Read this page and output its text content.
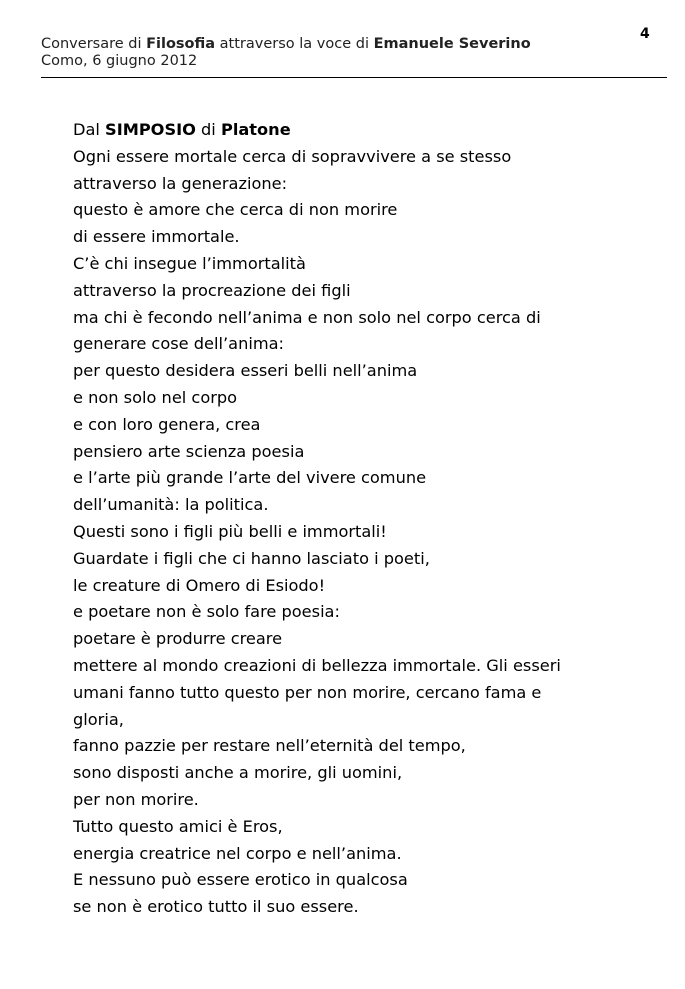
Conversare di Filosofia attraverso la voce di Emanuele Severino
Como, 6 giugno 2012
4
Dal SIMPOSIO di Platone
Ogni essere mortale cerca di sopravvivere a se stesso
attraverso la generazione:
questo è amore che cerca di non morire
di essere immortale.
C’è chi insegue l’immortalità
attraverso la procreazione dei figli
ma chi è fecondo nell’anima e non solo nel corpo cerca di
generare cose dell’anima:
per questo desidera esseri belli nell’anima
e non solo nel corpo
e con loro genera, crea
pensiero arte scienza poesia
e l’arte più grande l’arte del vivere comune
dell’umanità: la politica.
Questi sono i figli più belli e immortali!
Guardate i figli che ci hanno lasciato i poeti,
le creature di Omero di Esiodo!
e poetare non è solo fare poesia:
poetare è produrre creare
mettere al mondo creazioni di bellezza immortale. Gli esseri
umani fanno tutto questo per non morire, cercano fama e
gloria,
fanno pazzie per restare nell’eternità del tempo,
sono disposti anche a morire, gli uomini,
per non morire.
Tutto questo amici è Eros,
energia creatrice nel corpo e nell’anima.
E nessuno può essere erotico in qualcosa
se non è erotico tutto il suo essere.
